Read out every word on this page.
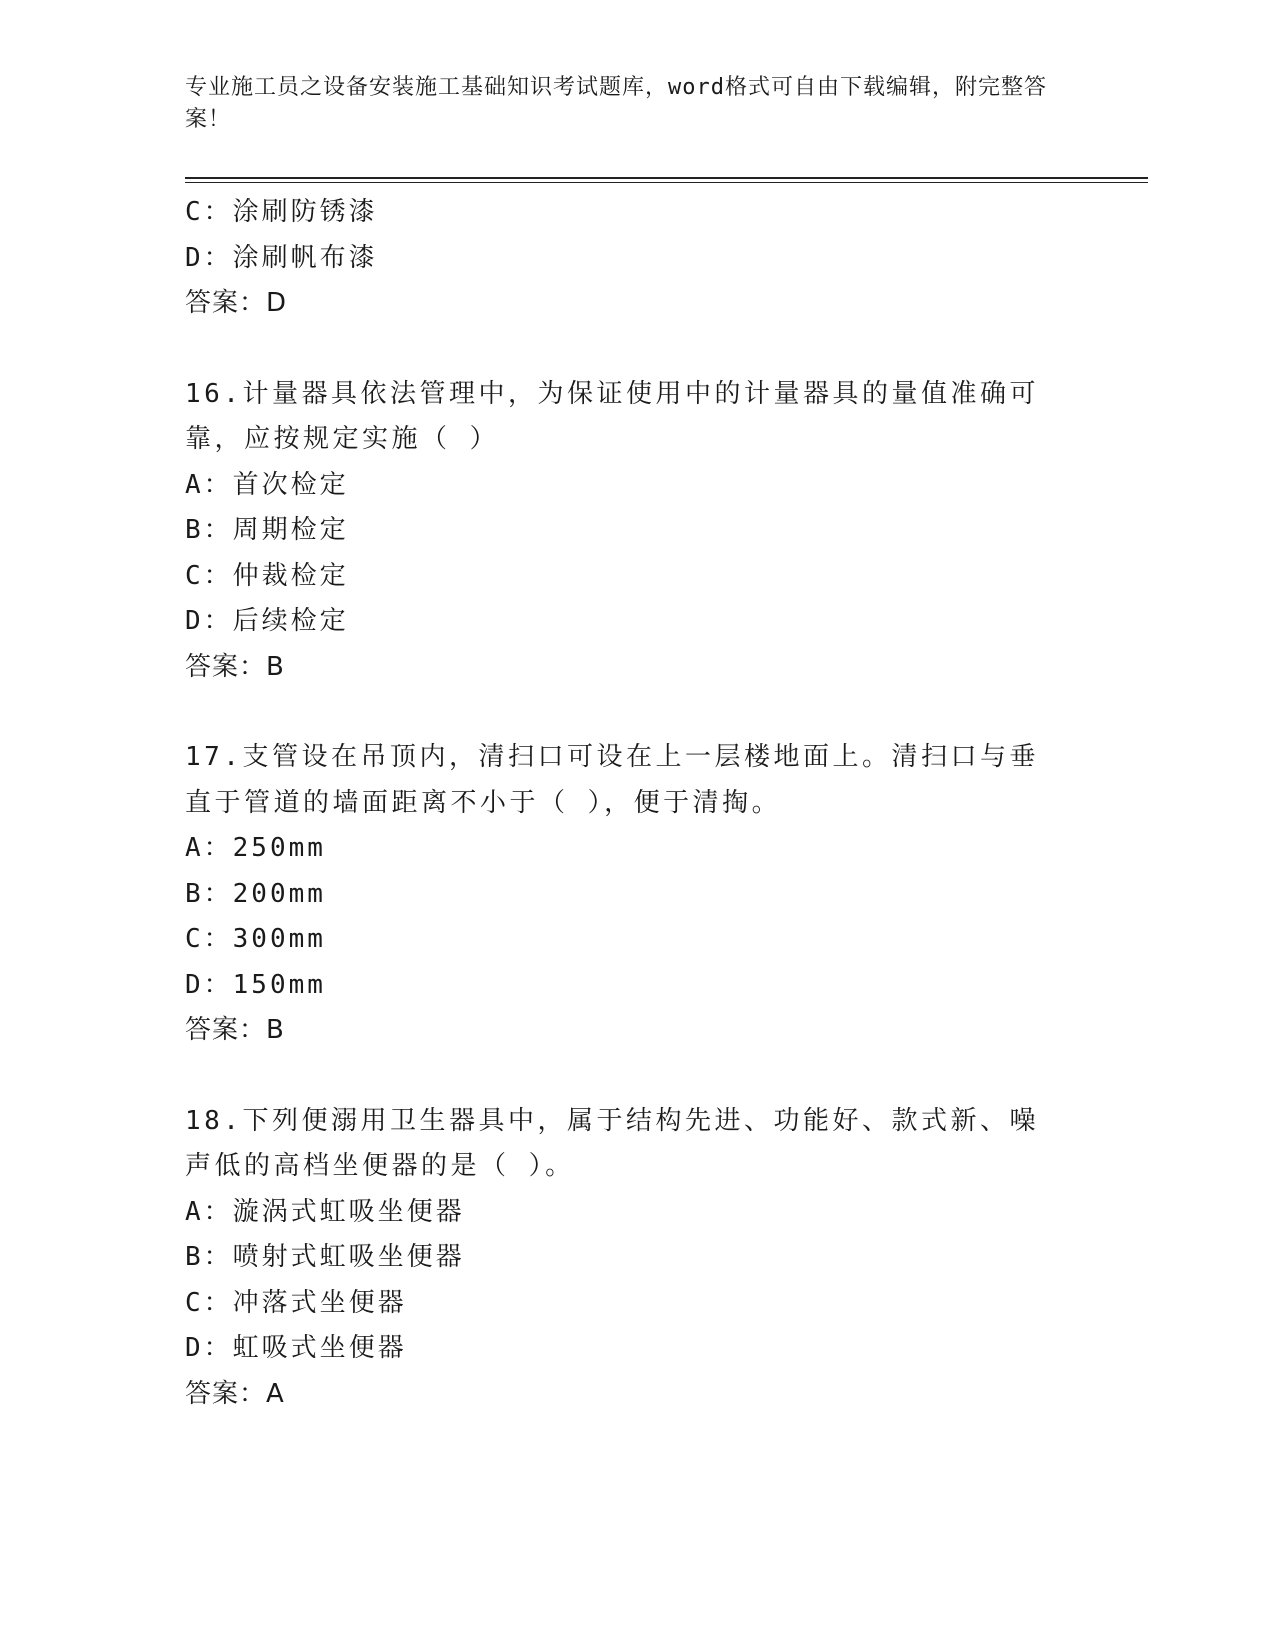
专业施工员之设备安装施工基础知识考试题库，word格式可自由下载编辑，附完整答案！
C：涂刷防锈漆
D：涂刷帆布漆
答案：D
16.计量器具依法管理中，为保证使用中的计量器具的量值准确可靠，应按规定实施（ ）
A：首次检定
B：周期检定
C：仲裁检定
D：后续检定
答案：B
17.支管设在吊顶内，清扫口可设在上一层楼地面上。清扫口与垂直于管道的墙面距离不小于（ ），便于清掏。
A：250mm
B：200mm
C：300mm
D：150mm
答案：B
18.下列便溺用卫生器具中，属于结构先进、功能好、款式新、噪声低的高档坐便器的是（ ）。
A：漩涡式虹吸坐便器
B：喷射式虹吸坐便器
C：冲落式坐便器
D：虹吸式坐便器
答案：A
